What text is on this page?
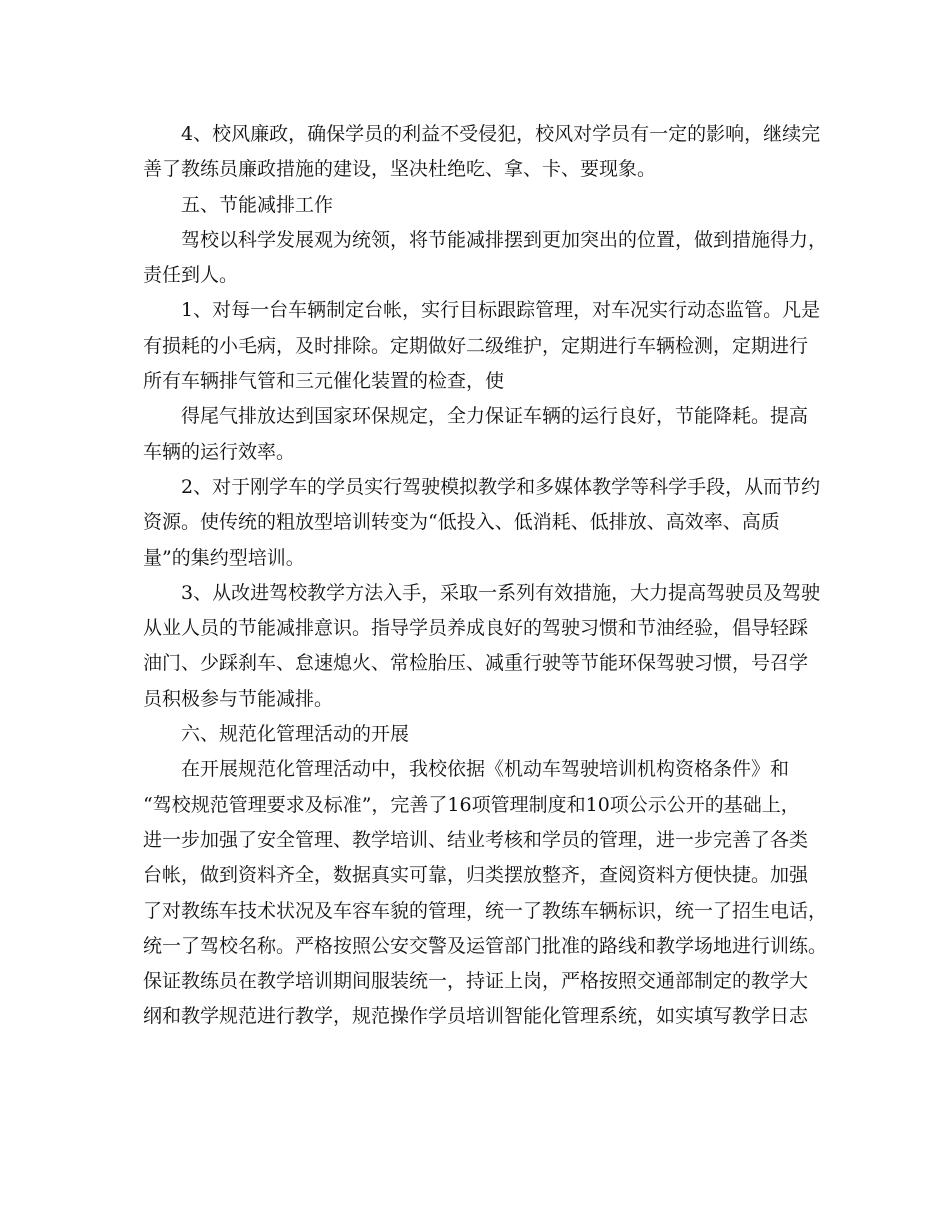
4、校风廉政，确保学员的利益不受侵犯，校风对学员有一定的影响，继续完
善了教练员廉政措施的建设，坚决杜绝吃、拿、卡、要现象。
五、节能减排工作
驾校以科学发展观为统领，将节能减排摆到更加突出的位置，做到措施得力，
责任到人。
1、对每一台车辆制定台帐，实行目标跟踪管理，对车况实行动态监管。凡是
有损耗的小毛病，及时排除。定期做好二级维护，定期进行车辆检测，定期进行
所有车辆排气管和三元催化装置的检查，使
得尾气排放达到国家环保规定，全力保证车辆的运行良好，节能降耗。提高
车辆的运行效率。
2、对于刚学车的学员实行驾驶模拟教学和多媒体教学等科学手段，从而节约
资源。使传统的粗放型培训转变为“低投入、低消耗、低排放、高效率、高质
量”的集约型培训。
3、从改进驾校教学方法入手，采取一系列有效措施，大力提高驾驶员及驾驶
从业人员的节能减排意识。指导学员养成良好的驾驶习惯和节油经验，倡导轻踩
油门、少踩刹车、怠速熄火、常检胎压、减重行驶等节能环保驾驶习惯，号召学
员积极参与节能减排。
六、规范化管理活动的开展
在开展规范化管理活动中，我校依据《机动车驾驶培训机构资格条件》和
“驾校规范管理要求及标准”，完善了16项管理制度和10项公示公开的基础上，
进一步加强了安全管理、教学培训、结业考核和学员的管理，进一步完善了各类
台帐，做到资料齐全，数据真实可靠，归类摆放整齐，查阅资料方便快捷。加强
了对教练车技术状况及车容车貌的管理，统一了教练车辆标识，统一了招生电话，
统一了驾校名称。严格按照公安交警及运管部门批准的路线和教学场地进行训练。
保证教练员在教学培训期间服装统一，持证上岗，严格按照交通部制定的教学大
纲和教学规范进行教学，规范操作学员培训智能化管理系统，如实填写教学日志
